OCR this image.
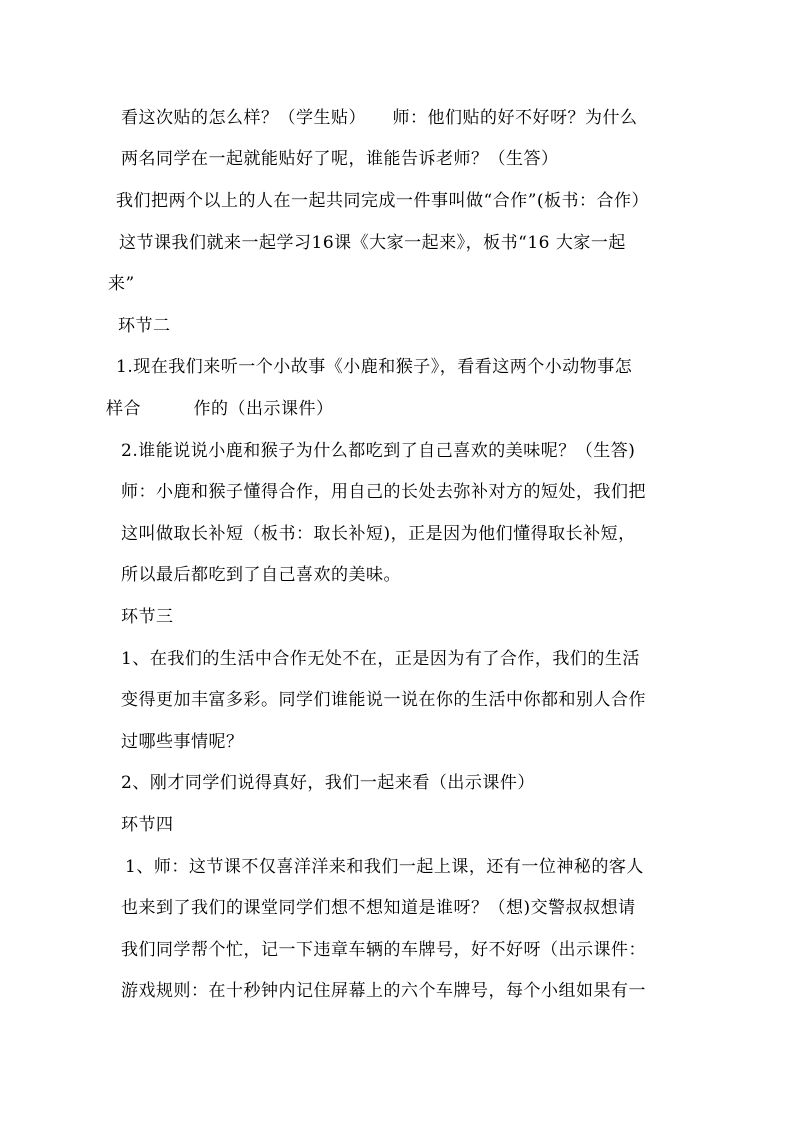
看这次贴的怎么样？（学生贴）　　师：他们贴的好不好呀？为什么
两名同学在一起就能贴好了呢，谁能告诉老师？（生答）
我们把两个以上的人在一起共同完成一件事叫做“合作”(板书：合作）
这节课我们就来一起学习16课《大家一起来》，板书“16 大家一起
来”
环节二
1.现在我们来听一个小故事《小鹿和猴子》，看看这两个小动物事怎
样合　　　作的（出示课件）
2.谁能说说小鹿和猴子为什么都吃到了自己喜欢的美味呢？（生答)
师：小鹿和猴子懂得合作，用自己的长处去弥补对方的短处，我们把
这叫做取长补短（板书：取长补短)，正是因为他们懂得取长补短，
所以最后都吃到了自己喜欢的美味。
环节三
1、在我们的生活中合作无处不在，正是因为有了合作，我们的生活
变得更加丰富多彩。同学们谁能说一说在你的生活中你都和别人合作
过哪些事情呢？
2、刚才同学们说得真好，我们一起来看（出示课件）
环节四
1、师：这节课不仅喜洋洋来和我们一起上课，还有一位神秘的客人
也来到了我们的课堂同学们想不想知道是谁呀？（想)交警叔叔想请
我们同学帮个忙，记一下违章车辆的车牌号，好不好呀（出示课件：
游戏规则：在十秒钟内记住屏幕上的六个车牌号，每个小组如果有一
